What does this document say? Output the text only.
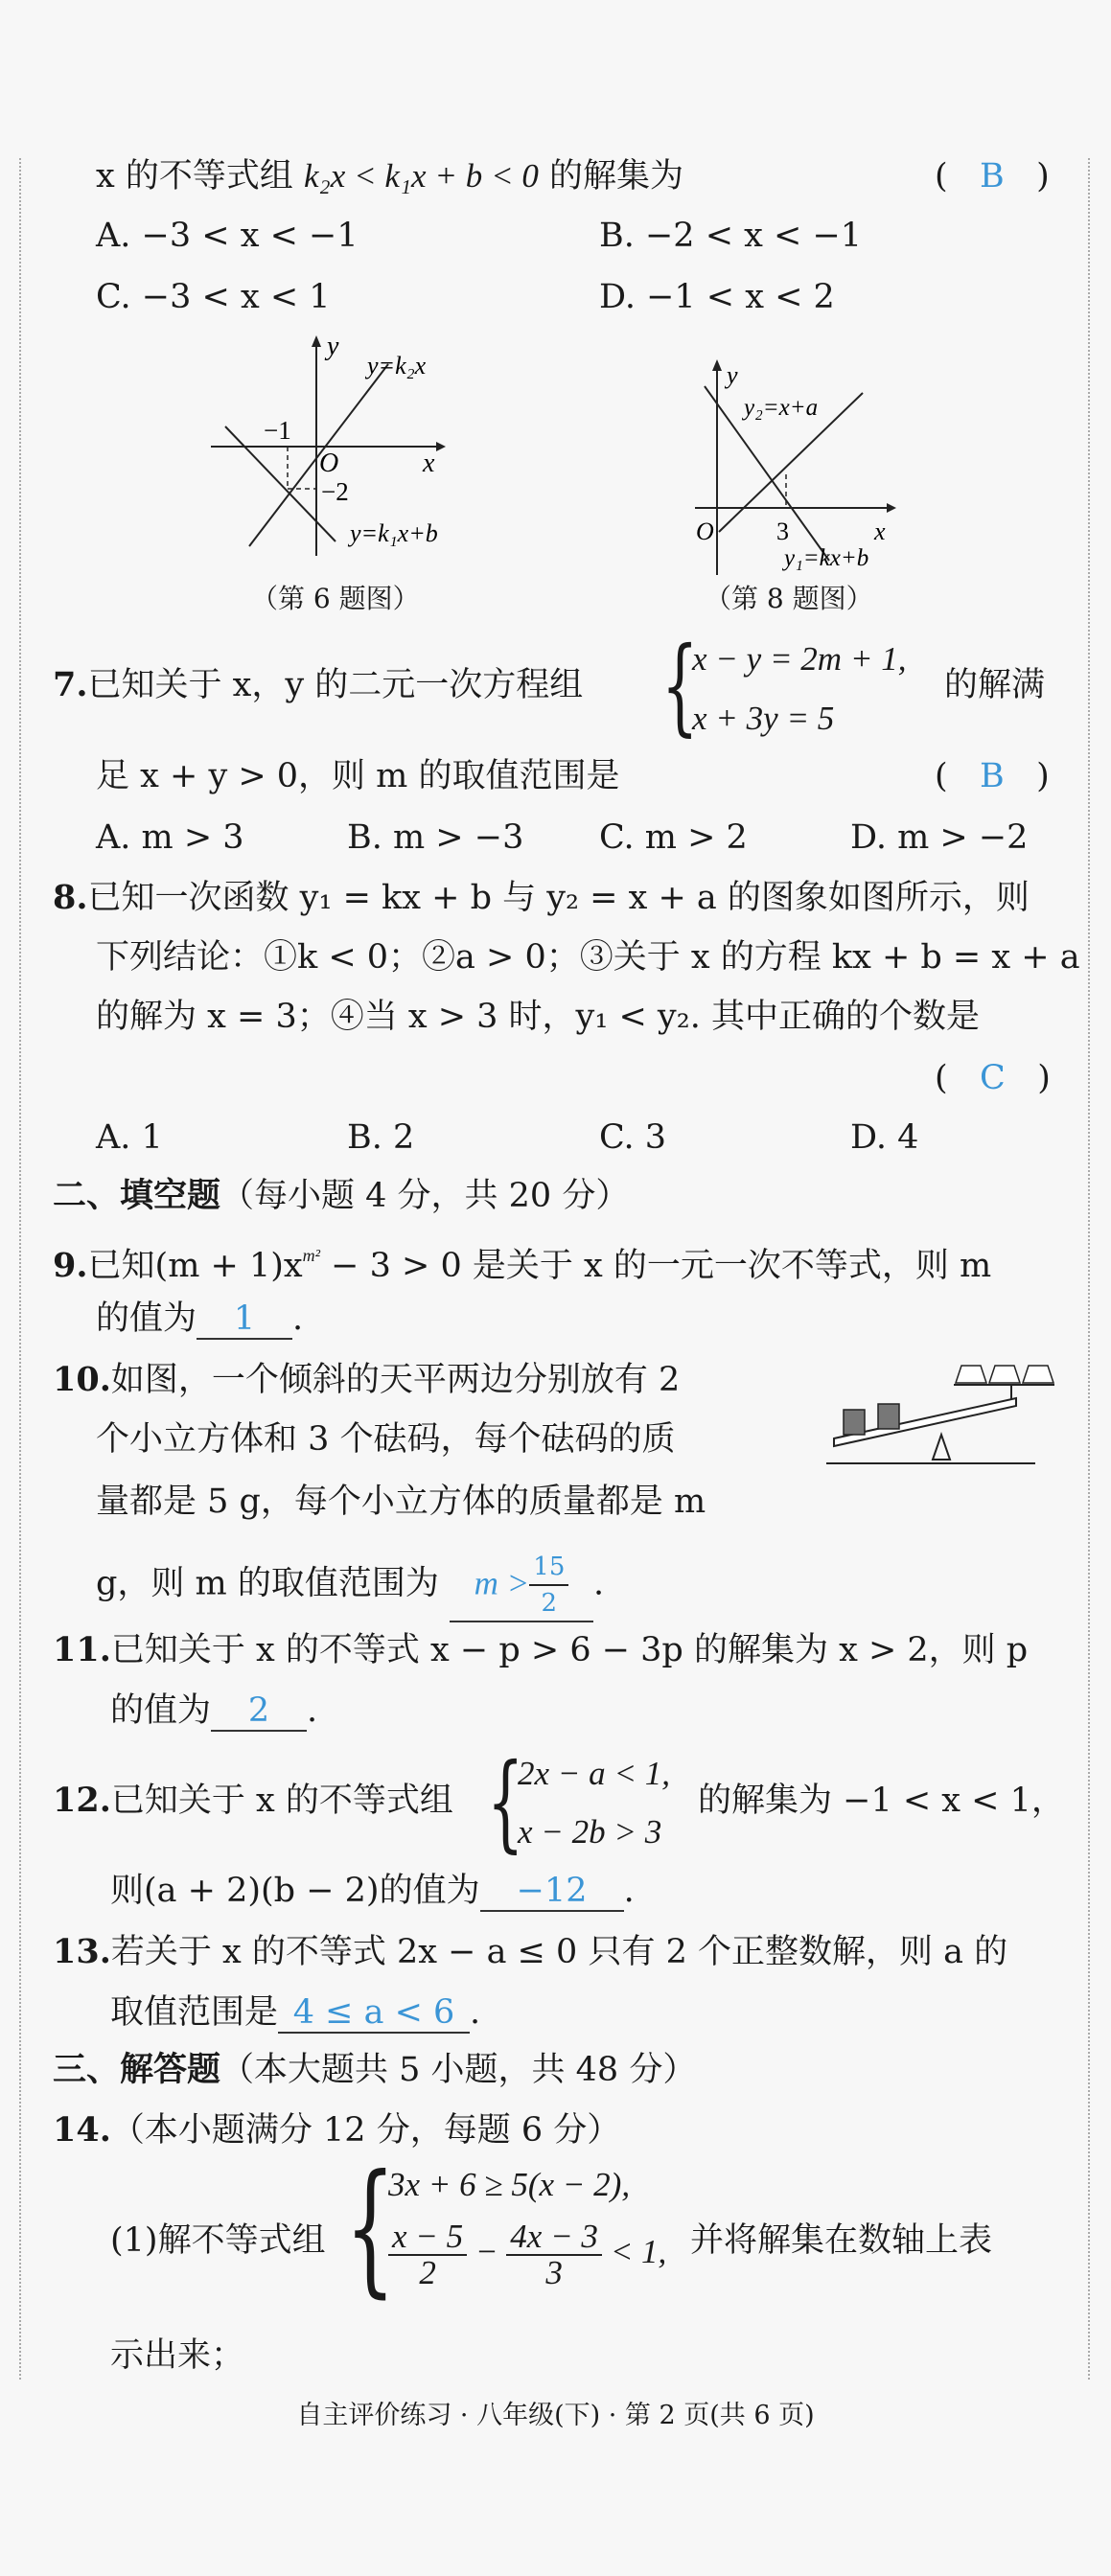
x 的不等式组 k₂x < k₁x + b < 0 的解集为	(   B   )
A. −3 < x < −1	B. −2 < x < −1
C. −3 < x < 1	D. −1 < x < 2
y
x
O
−1
−2
y=k₂x
y=k₁x+b
（第 6 题图）
y
x
O	3
y₂=x+a
y₁=kx+b
（第 8 题图）
7.已知关于 x，y 的二元一次方程组 {
x − y = 2m + 1,
x + 3y = 5
的解满
足 x + y > 0，则 m 的取值范围是	(   B   )
A. m > 3	B. m > −3 C. m > 2	D. m > −2
8.已知一次函数 y₁ = kx + b 与 y₂ = x + a 的图象如图所示，则
下列结论：①k < 0；②a > 0；③关于 x 的方程 kx + b = x + a
的解为 x = 3；④当 x > 3 时，y₁ < y₂. 其中正确的个数是
(   C   )
A. 1	B. 2	C. 3	D. 4
二、填空题（每小题 4 分，共 20 分）
9.已知$(m + 1)x^{m^2} - 3 > 0$ 是关于 x 的一元一次不等式，则 m
的值为 1 .
10.如图，一个倾斜的天平两边分别放有 2
个小立方体和 3 个砝码，每个砝码的质
量都是 5 g，每个小立方体的质量都是 m
g，则 m 的取值范围为 $m > \frac{15}{2}$ .
11.已知关于 x 的不等式 x − p > 6 − 3p 的解集为 x > 2，则 p
的值为 2 .
12.已知关于 x 的不等式组 {
2x − a < 1,
x − 2b > 3
的解集为 −1 < x < 1，
则(a + 2)(b − 2)的值为 −12 .
13.若关于 x 的不等式 2x − a ≤ 0 只有 2 个正整数解，则 a 的
取值范围是 4 ≤ a < 6 .
三、解答题（本大题共 5 小题，共 48 分）
14.（本小题满分 12 分，每题 6 分）
(1)解不等式组 {
3x + 6 ≥ 5(x − 2),
$\frac{x - 5}{2} - \frac{4x - 3}{3} < 1$, 并将解集在数轴上表
示出来；
自主评价练习 · 八年级(下) · 第 2 页(共 6 页)
